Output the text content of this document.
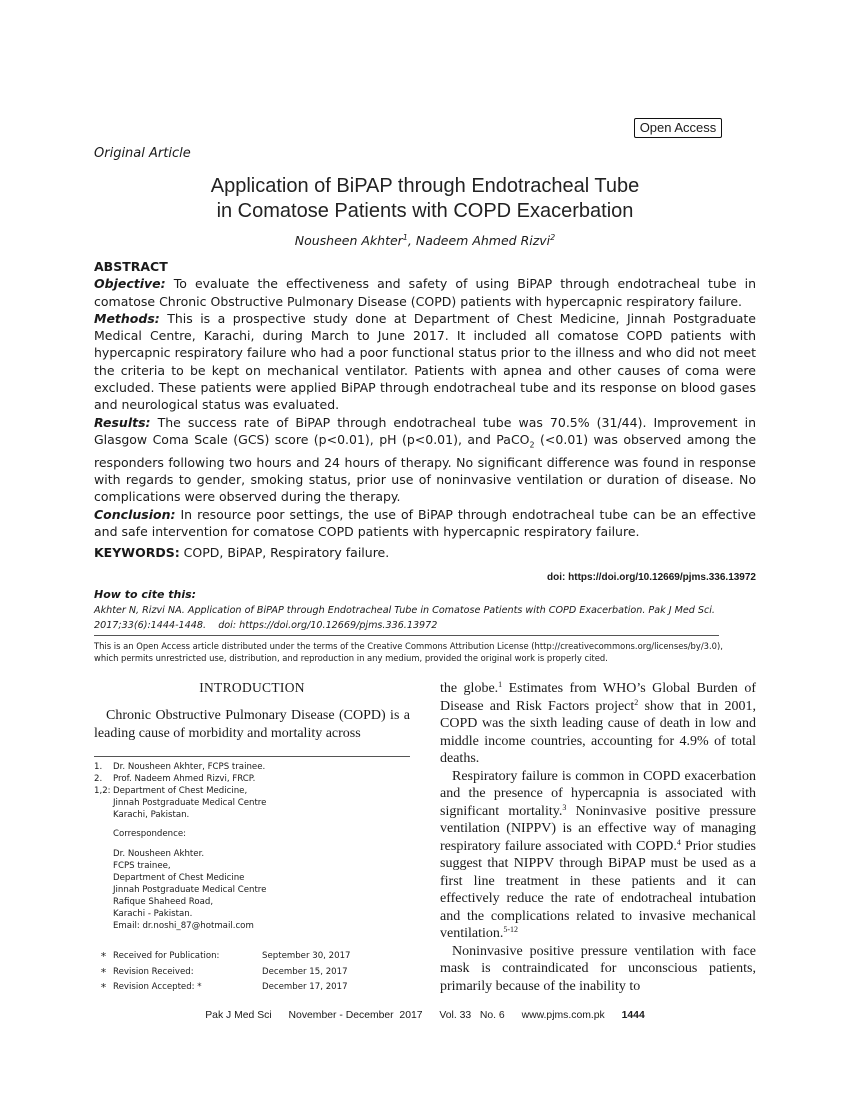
Open Access
Original Article
Application of BiPAP through Endotracheal Tube
in Comatose Patients with COPD Exacerbation
Nousheen Akhter$^1$, Nadeem Ahmed Rizvi$^2$

ABSTRACT

Objective: To evaluate the effectiveness and safety of using BiPAP through endotracheal tube in comatose Chronic Obstructive Pulmonary Disease (COPD) patients with hypercapnic respiratory failure.

Methods: This is a prospective study done at Department of Chest Medicine, Jinnah Postgraduate Medical Centre, Karachi, during March to June 2017. It included all comatose COPD patients with hypercapnic respiratory failure who had a poor functional status prior to the illness and who did not meet the criteria to be kept on mechanical ventilator. Patients with apnea and other causes of coma were excluded. These patients were applied BiPAP through endotracheal tube and its response on blood gases and neurological status was evaluated.

Results: The success rate of BiPAP through endotracheal tube was 70.5% (31/44). Improvement in Glasgow Coma Scale (GCS) score (p<0.01), pH (p<0.01), and PaCO$_2$ (<0.01) was observed among the responders following two hours and 24 hours of therapy. No significant difference was found in response with regards to gender, smoking status, prior use of noninvasive ventilation or duration of disease. No complications were observed during the therapy.

Conclusion: In resource poor settings, the use of BiPAP through endotracheal tube can be an effective and safe intervention for comatose COPD patients with hypercapnic respiratory failure.

KEYWORDS: COPD, BiPAP, Respiratory failure.
doi: https://doi.org/10.12669/pjms.336.13972
How to cite this:
Akhter N, Rizvi NA. Application of BiPAP through Endotracheal Tube in Comatose Patients with COPD Exacerbation. Pak J Med Sci.
2017;33(6):1444-1448.    doi: https://doi.org/10.12669/pjms.336.13972
This is an Open Access article distributed under the terms of the Creative Commons Attribution License (http://creativecommons.org/licenses/by/3.0),
which permits unrestricted use, distribution, and reproduction in any medium, provided the original work is properly cited.
INTRODUCTION

Chronic Obstructive Pulmonary Disease (COPD) is a leading cause of morbidity and mortality across

1.	Dr. Nousheen Akhter, FCPS trainee.
2.	Prof. Nadeem Ahmed Rizvi, FRCP.
1,2: Department of Chest Medicine,
Jinnah Postgraduate Medical Centre
Karachi, Pakistan.
Correspondence:
Dr. Nousheen Akhter.
FCPS trainee,
Department of Chest Medicine
Jinnah Postgraduate Medical Centre
Rafique Shaheed Road,
Karachi - Pakistan.
Email: dr.noshi_87@hotmail.com
* Received for Publication:	September 30, 2017
* Revision Received:	December 15, 2017
* Revision Accepted: *	December 17, 2017

the globe.$^1$ Estimates from WHO’s Global Burden of Disease and Risk Factors project$^2$ show that in 2001, COPD was the sixth leading cause of death in low and middle income countries, accounting for 4.9% of total deaths.

Respiratory failure is common in COPD exacerbation and the presence of hypercapnia is associated with significant mortality.$^3$ Noninvasive positive pressure ventilation (NIPPV) is an effective way of managing respiratory failure associated with COPD.$^4$ Prior studies suggest that NIPPV through BiPAP must be used as a first line treatment in these patients and it can effectively reduce the rate of endotracheal intubation and the complications related to invasive mechanical ventilation.$^{5-12}$

Noninvasive positive pressure ventilation with face mask is contraindicated for unconscious patients, primarily because of the inability to

Pak J Med Sci November - December  2017 Vol. 33   No. 6 www.pjms.com.pk 1444
